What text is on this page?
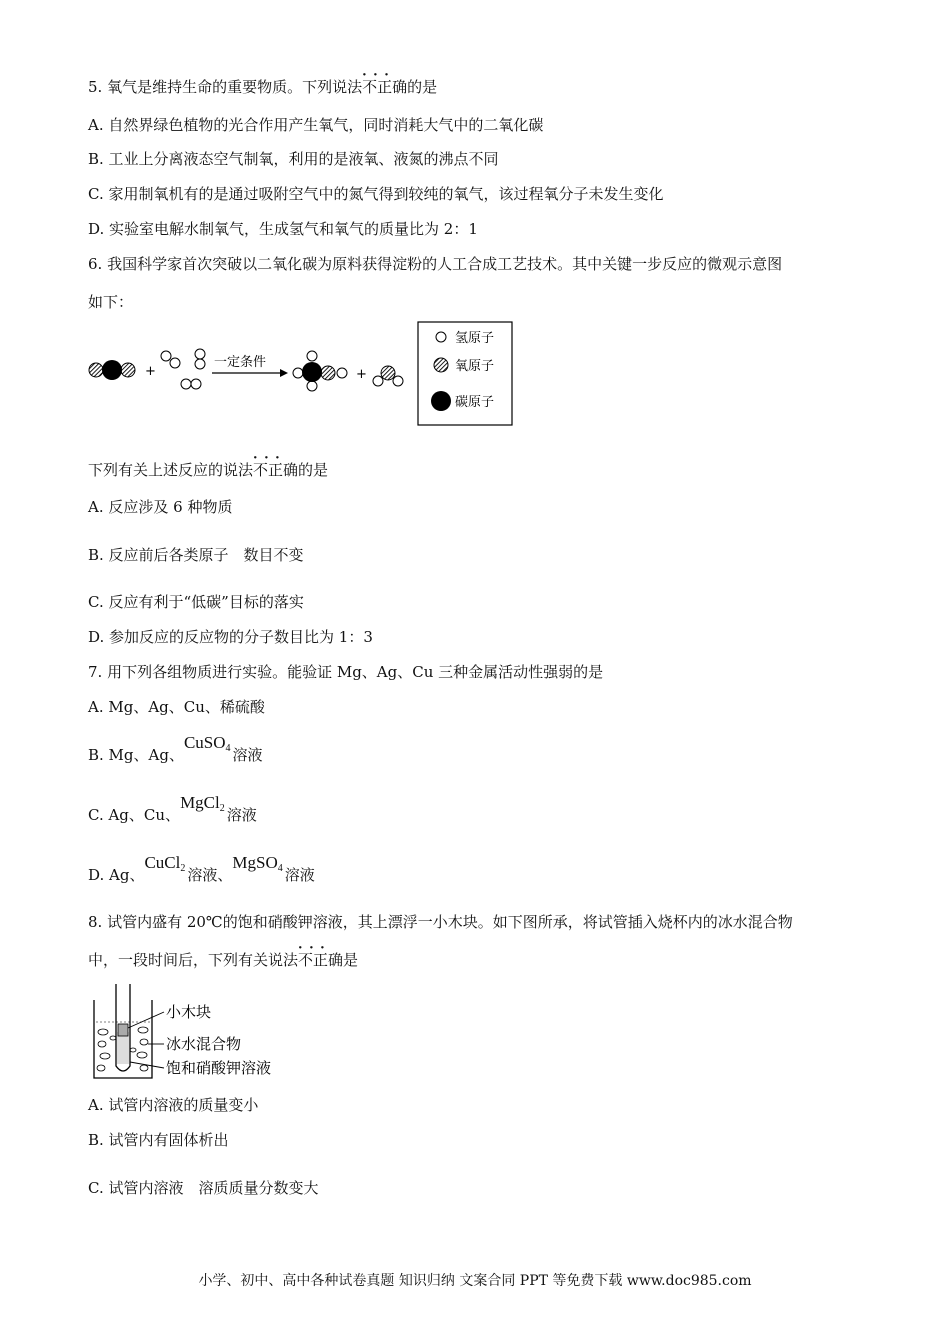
5. 氧气是维持生命的重要物质。下列说法· · · 不正确的是
A. 自然界绿色植物的光合作用产生氧气，同时消耗大气中的二氧化碳
B. 工业上分离液态空气制氧，利用的是液氧、液氮的沸点不同
C. 家用制氧机有的是通过吸附空气中的氮气得到较纯的氧气，该过程氧分子未发生变化
D. 实验室电解水制氧气，生成氢气和氧气的质量比为 2：1
6. 我国科学家首次突破以二氧化碳为原料获得淀粉的人工合成工艺技术。其中关键一步反应的微观示意图
如下：
+
一定条件
+
氢原子
氧原子
碳原子
下列有关上述反应的说法· · · 不正确的是
A. 反应涉及 6 种物质
B. 反应前后各类原子　数目不变
C. 反应有利于“低碳”目标的落实
D. 参加反应的反应物的分子数目比为 1：3
7. 用下列各组物质进行实验。能验证 Mg、Ag、Cu 三种金属活动性强弱的是
A. Mg、Ag、Cu、稀硫酸
B. Mg、Ag、CuSO$_4$ 溶液
C. Ag、Cu、MgCl$_2$ 溶液
D. Ag、CuCl$_2$ 溶液、MgSO$_4$ 溶液
8. 试管内盛有 20℃的饱和硝酸钾溶液，其上漂浮一小木块。如下图所承，将试管插入烧杯内的冰水混合物
中，一段时间后，下列有关说法· · · 不正确是
小木块
冰水混合物
饱和硝酸钾溶液
A. 试管内溶液的质量变小
B. 试管内有固体析出
C. 试管内溶液　溶质质量分数变大
小学、初中、高中各种试卷真题 知识归纳 文案合同 PPT 等免费下载 www.doc985.com
